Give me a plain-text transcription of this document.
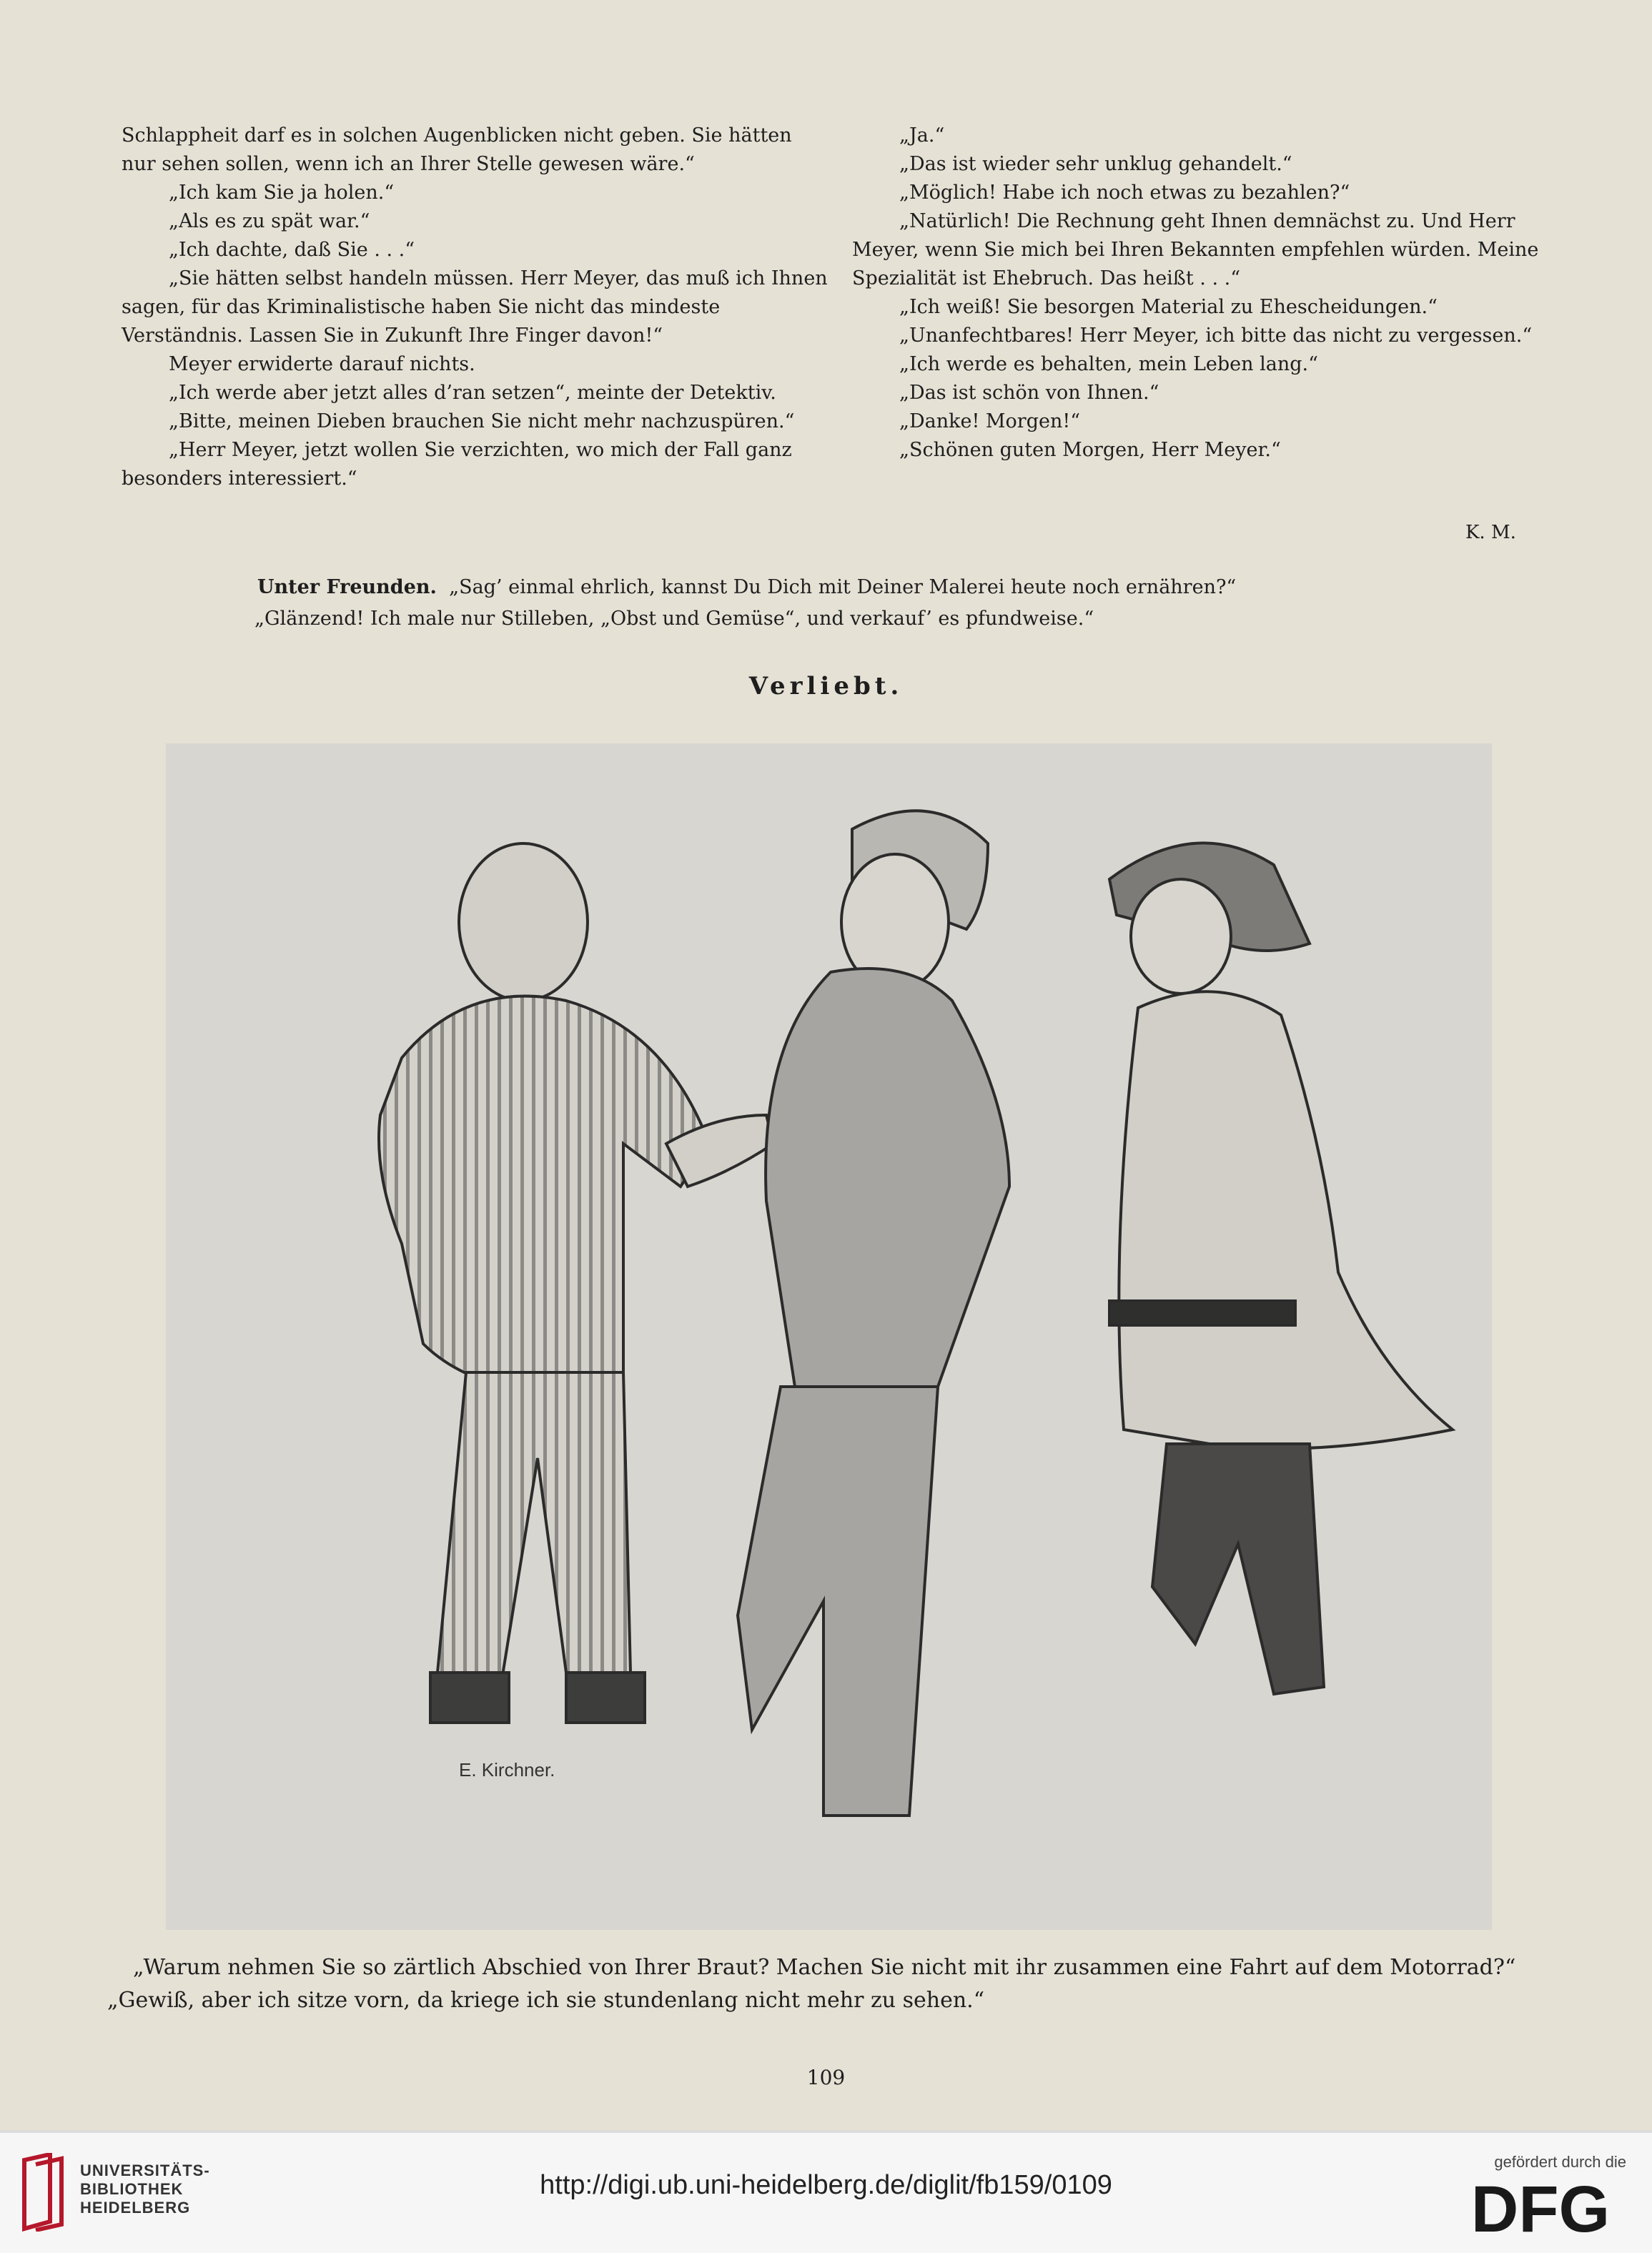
Schlappheit darf es in solchen Augenblicken nicht geben. Sie hätten nur sehen sollen, wenn ich an Ihrer Stelle gewesen wäre.“

„Ich kam Sie ja holen.“

„Als es zu spät war.“

„Ich dachte, daß Sie . . .“

„Sie hätten selbst handeln müssen. Herr Meyer, das muß ich Ihnen sagen, für das Kriminalistische haben Sie nicht das mindeste Verständnis. Lassen Sie in Zukunft Ihre Finger davon!“

Meyer erwiderte darauf nichts.

„Ich werde aber jetzt alles d’ran setzen“, meinte der Detektiv.

„Bitte, meinen Dieben brauchen Sie nicht mehr nachzuspüren.“

„Herr Meyer, jetzt wollen Sie verzichten, wo mich der Fall ganz besonders interessiert.“

„Ja.“

„Das ist wieder sehr unklug gehandelt.“

„Möglich! Habe ich noch etwas zu bezahlen?“

„Natürlich! Die Rechnung geht Ihnen demnächst zu. Und Herr Meyer, wenn Sie mich bei Ihren Bekannten empfehlen würden. Meine Spezialität ist Ehebruch. Das heißt . . .“

„Ich weiß! Sie besorgen Material zu Ehescheidungen.“

„Unanfechtbares! Herr Meyer, ich bitte das nicht zu vergessen.“

„Ich werde es behalten, mein Leben lang.“

„Das ist schön von Ihnen.“

„Danke! Morgen!“

„Schönen guten Morgen, Herr Meyer.“

K. M.
Unter Freunden. „Sag’ einmal ehrlich, kannst Du Dich mit Deiner Malerei heute noch ernähren?“
„Glänzend! Ich male nur Stilleben, „Obst und Gemüse“, und verkauf’ es pfundweise.“
Verliebt.
E. Kirchner.

„Warum nehmen Sie so zärtlich Abschied von Ihrer Braut? Machen Sie nicht mit ihr zusammen eine Fahrt auf dem Motorrad?“

„Gewiß, aber ich sitze vorn, da kriege ich sie stundenlang nicht mehr zu sehen.“

109
UNIVERSITÄTS-
BIBLIOTHEK
HEIDELBERG
http://digi.ub.uni-heidelberg.de/diglit/fb159/0109
gefördert durch die
DFG
